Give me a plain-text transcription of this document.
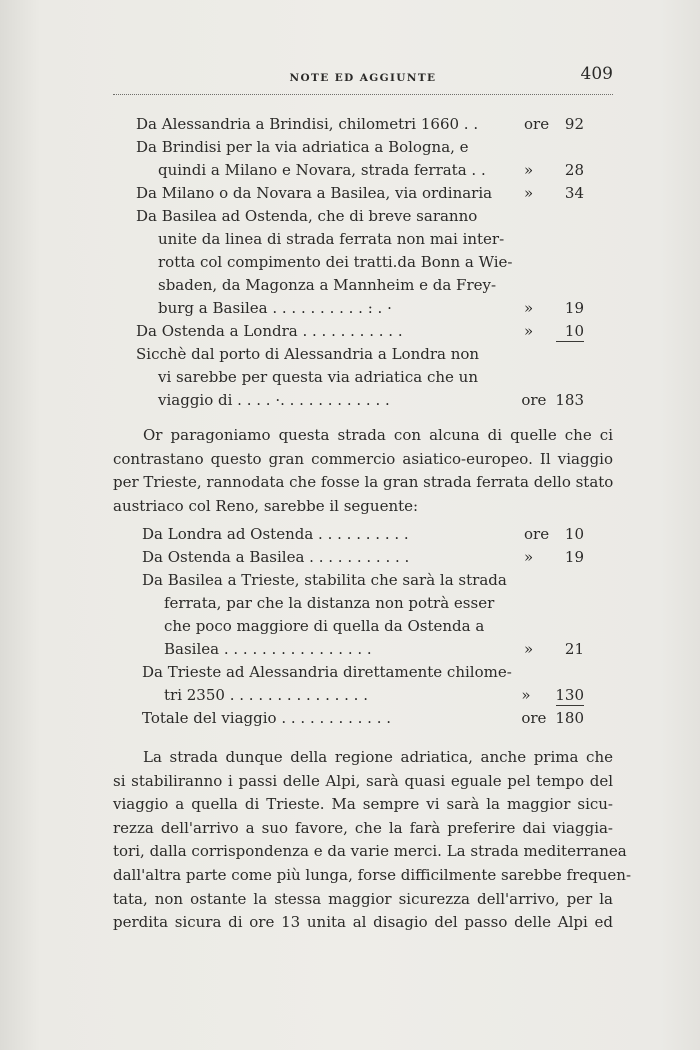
NOTE ED AGGIUNTE	409
Da Alessandria a Brindisi, chilometri 1660 . .	ore	92
Da Brindisi per la via adriatica a Bologna, e
quindi a Milano e Novara, strada ferrata . .	»	28
Da Milano o da Novara a Basilea, via ordinaria	»	34
Da Basilea ad Ostenda, che di breve saranno
unite da linea di strada ferrata non mai inter-
rotta col compimento dei tratti.da Bonn a Wie-
sbaden, da Magonza a Mannheim e da Frey-
burg a Basilea . . . . . . . . . . : . ·	»	19
Da Ostenda a Londra . . . . . . . . . . .	»	10
Sicchè dal porto di Alessandria a Londra non
vi sarebbe per questa via adriatica che un
viaggio di . . . . ·. . . . . . . . . . . .	ore 183
Or paragoniamo questa strada con alcuna di quelle che ci
contrastano questo gran commercio asiatico-europeo. Il viaggio
per Trieste, rannodata che fosse la gran strada ferrata dello stato
austriaco col Reno, sarebbe il seguente:
Da Londra ad Ostenda . . . . . . . . . .	ore	10
Da Ostenda a Basilea . . . . . . . . . . .	»	19
Da Basilea a Trieste, stabilita che sarà la strada
ferrata, par che la distanza non potrà esser
che poco maggiore di quella da Ostenda a
Basilea . . . . . . . . . . . . . . . .	»	21
Da Trieste ad Alessandria direttamente chilome-
tri 2350 . . . . . . . . . . . . . . .	»	130
Totale del viaggio . . . . . . . . . . . .	ore 180
La strada dunque della regione adriatica, anche prima che
si stabiliranno i passi delle Alpi, sarà quasi eguale pel tempo del
viaggio a quella di Trieste. Ma sempre vi sarà la maggior sicu-
rezza dell'arrivo a suo favore, che la farà preferire dai viaggia-
tori, dalla corrispondenza e da varie merci. La strada mediterranea
dall'altra parte come più lunga, forse difficilmente sarebbe frequen-
tata, non ostante la stessa maggior sicurezza dell'arrivo, per la
perdita sicura di ore 13 unita al disagio del passo delle Alpi ed
